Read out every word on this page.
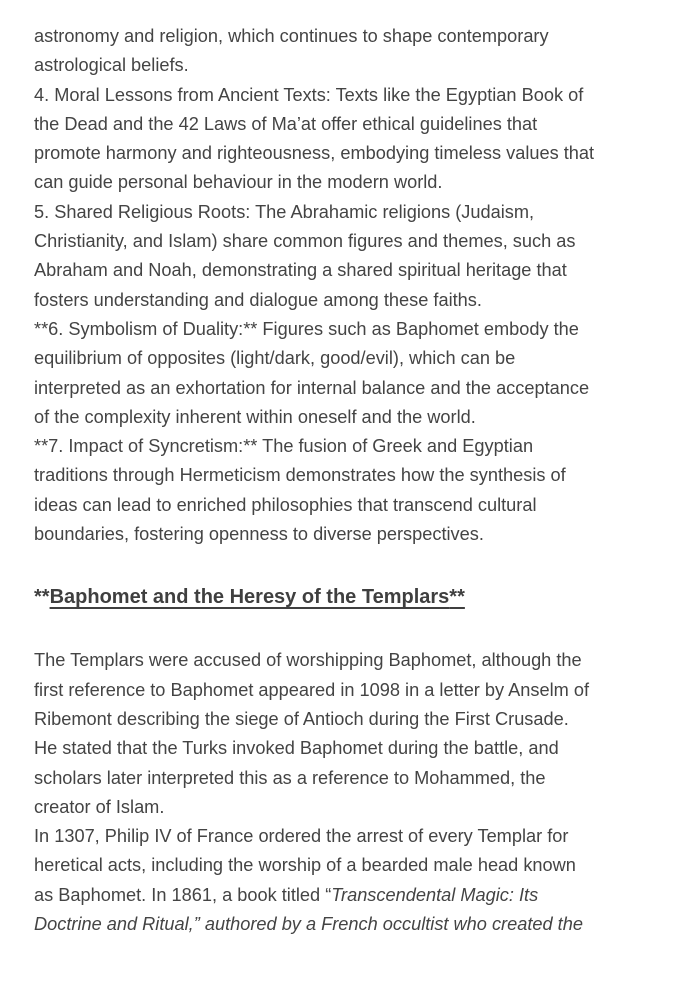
astronomy and religion, which continues to shape contemporary
astrological beliefs.

4. Moral Lessons from Ancient Texts: Texts like the Egyptian Book of
the Dead and the 42 Laws of Ma’at offer ethical guidelines that
promote harmony and righteousness, embodying timeless values that
can guide personal behaviour in the modern world.

5. Shared Religious Roots: The Abrahamic religions (Judaism,
Christianity, and Islam) share common figures and themes, such as
Abraham and Noah, demonstrating a shared spiritual heritage that
fosters understanding and dialogue among these faiths.

**6. Symbolism of Duality:** Figures such as Baphomet embody the
equilibrium of opposites (light/dark, good/evil), which can be
interpreted as an exhortation for internal balance and the acceptance
of the complexity inherent within oneself and the world.

**7. Impact of Syncretism:** The fusion of Greek and Egyptian
traditions through Hermeticism demonstrates how the synthesis of
ideas can lead to enriched philosophies that transcend cultural
boundaries, fostering openness to diverse perspectives.

**Baphomet and the Heresy of the Templars**

The Templars were accused of worshipping Baphomet, although the
first reference to Baphomet appeared in 1098 in a letter by Anselm of
Ribemont describing the siege of Antioch during the First Crusade.
He stated that the Turks invoked Baphomet during the battle, and
scholars later interpreted this as a reference to Mohammed, the
creator of Islam.

In 1307, Philip IV of France ordered the arrest of every Templar for
heretical acts, including the worship of a bearded male head known
as Baphomet. In 1861, a book titled “Transcendental Magic: Its
Doctrine and Ritual,” authored by a French occultist who created the
